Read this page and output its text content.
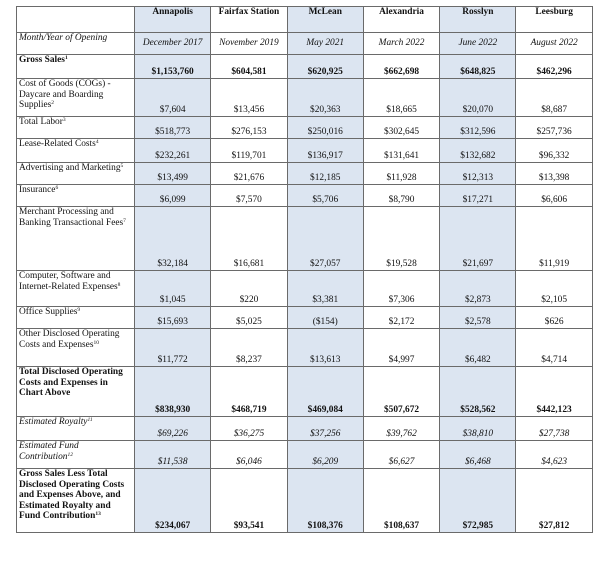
	Annapolis	Fairfax Station	McLean	Alexandria	Rosslyn	Leesburg
Month/Year of Opening	December 2017	November 2019	May 2021	March 2022	June 2022	August 2022
Gross Sales$^1$	$1,153,760	$604,581	$620,925	$662,698	$648,825	$462,296
Cost of Goods (COGs) - Daycare and Boarding Supplies$^2$	$7,604	$13,456	$20,363	$18,665	$20,070	$8,687
Total Labor$^3$	$518,773	$276,153	$250,016	$302,645	$312,596	$257,736
Lease-Related Costs$^4$	$232,261	$119,701	$136,917	$131,641	$132,682	$96,332
Advertising and Marketing$^5$	$13,499	$21,676	$12,185	$11,928	$12,313	$13,398
Insurance$^6$	$6,099	$7,570	$5,706	$8,790	$17,271	$6,606
Merchant Processing and Banking Transactional Fees$^7$	$32,184	$16,681	$27,057	$19,528	$21,697	$11,919
Computer, Software and Internet-Related Expenses$^8$	$1,045	$220	$3,381	$7,306	$2,873	$2,105
Office Supplies$^9$	$15,693	$5,025	($154)	$2,172	$2,578	$626
Other Disclosed Operating Costs and Expenses$^{10}$	$11,772	$8,237	$13,613	$4,997	$6,482	$4,714
Total Disclosed Operating Costs and Expenses in Chart Above	$838,930	$468,719	$469,084	$507,672	$528,562	$442,123
Estimated Royalty$^{11}$	$69,226	$36,275	$37,256	$39,762	$38,810	$27,738
Estimated Fund Contribution$^{12}$	$11,538	$6,046	$6,209	$6,627	$6,468	$4,623
Gross Sales Less Total Disclosed Operating Costs and Expenses Above, and Estimated Royalty and Fund Contribution$^{13}$	$234,067	$93,541	$108,376	$108,637	$72,985	$27,812
